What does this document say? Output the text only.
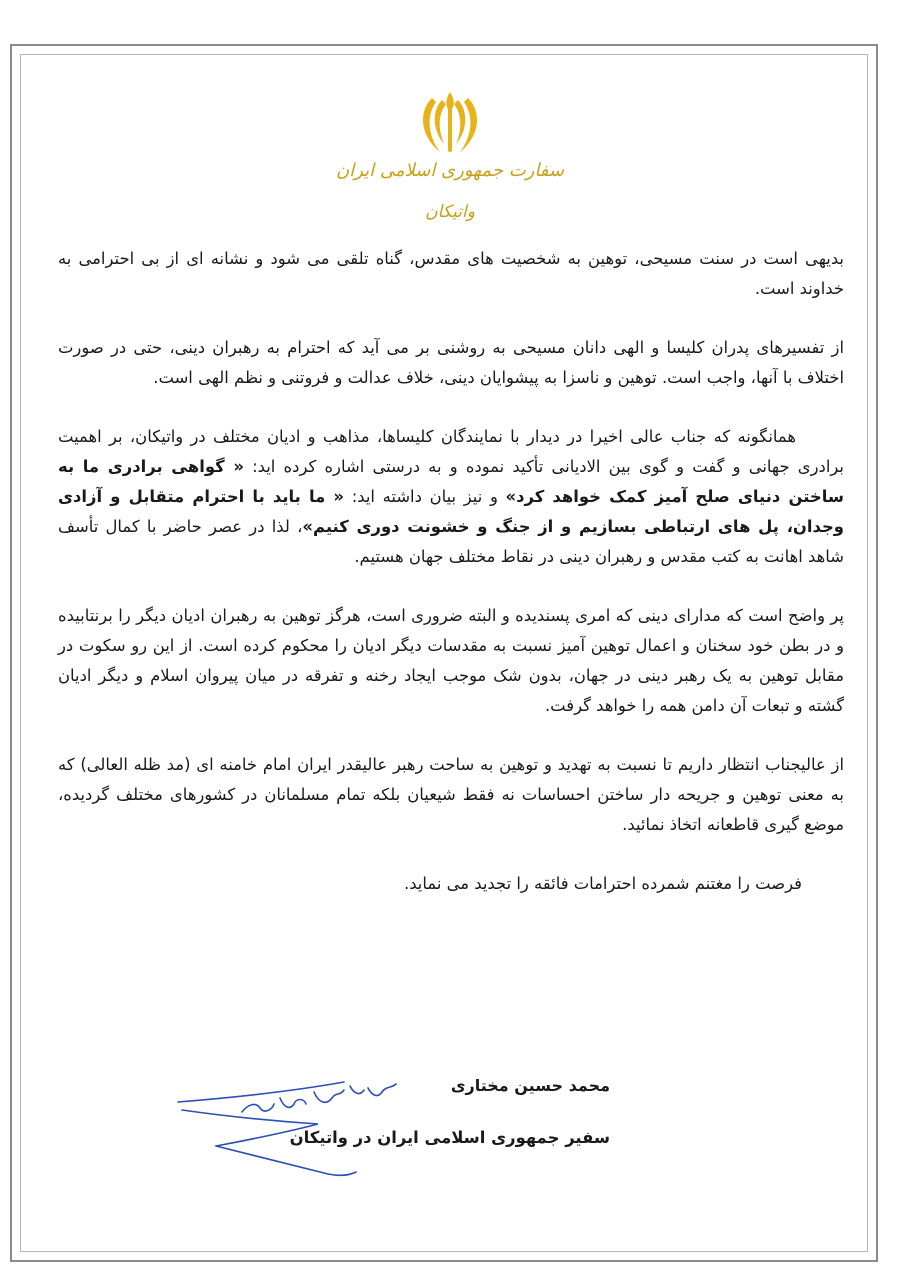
سفارت جمهوری اسلامی ایران
واتیکان

بدیهی است در سنت مسیحی، توهین به شخصیت های مقدس، گناه تلقی می شود و نشانه ای از بی احترامی به خداوند است.

از تفسیرهای پدران کلیسا و الهی دانان مسیحی به روشنی بر می آید که احترام به رهبران دینی، حتی در صورت اختلاف با آنها، واجب است. توهین و ناسزا به پیشوایان دینی، خلاف عدالت و فروتنی و نظم الهی است.

همانگونه که جناب عالی اخیرا در دیدار با نمایندگان کلیساها، مذاهب و ادیان مختلف در واتیکان، بر اهمیت برادری جهانی و گفت و گوی بین الادیانی تأکید نموده و به درستی اشاره کرده اید: « گواهی برادری ما به ساختن دنیای صلح آمیز کمک خواهد کرد» و نیز بیان داشته اید: « ما باید با احترام متقابل و آزادی وجدان، پل های ارتباطی بسازیم و از جنگ و خشونت دوری کنیم»، لذا در عصر حاضر با کمال تأسف شاهد اهانت به کتب مقدس و رهبران دینی در نقاط مختلف جهان هستیم.

پر واضح است که مدارای دینی که امری پسندیده و البته ضروری است، هرگز توهین به رهبران ادیان دیگر را برنتابیده و در بطن خود سخنان و اعمال توهین آمیز نسبت به مقدسات دیگر ادیان را محکوم کرده است. از این رو سکوت در مقابل توهین به یک رهبر دینی در جهان، بدون شک موجب ایجاد رخنه و تفرقه در میان پیروان اسلام و دیگر ادیان گشته و تبعات آن دامن همه را خواهد گرفت.

از عالیجناب انتظار داریم تا نسبت به تهدید و توهین به ساحت رهبر عالیقدر ایران امام خامنه ای (مد ظله العالی) که به معنی توهین و جریحه دار ساختن احساسات نه فقط شیعیان بلکه تمام مسلمانان در کشورهای مختلف گردیده، موضع گیری قاطعانه اتخاذ نمائید.

فرصت را مغتنم شمرده احترامات فائقه را تجدید می نماید.

محمد حسین مختاری
سفیر جمهوری اسلامی ایران در واتیکان
